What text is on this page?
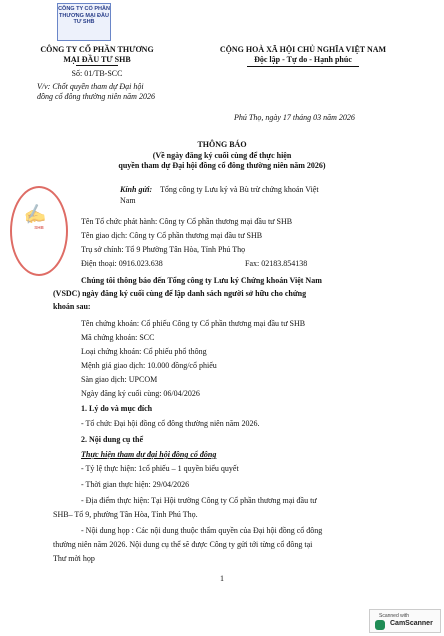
CÔNG TY CỔ PHẦN THƯƠNG MẠI ĐẦU TƯ SHB
SHB
✍
CÔNG TY CỔ PHẦN THƯƠNG
MẠI ĐẦU TƯ SHB
Số: 01/TB-SCC
V/v: Chốt quyền tham dự Đại hội
đồng cổ đông thường niên năm 2026
CỘNG HOÀ XÃ HỘI CHỦ NGHĨA VIỆT NAM
Độc lập - Tự do - Hạnh phúc
Phú Thọ, ngày 17 tháng 03 năm 2026
THÔNG BÁO
(Về ngày đăng ký cuối cùng để thực hiện
quyền tham dự Đại hội đồng cổ đông thường niên năm 2026)
Kính gửi: Tổng công ty Lưu ký và Bù trừ chứng khoán Việt
Nam
Tên Tổ chức phát hành: Công ty Cổ phần thương mại đầu tư SHB
Tên giao dịch: Công ty Cổ phần thương mại đầu tư SHB
Trụ sở chính: Tổ 9 Phường Tân Hòa, Tỉnh Phú Thọ
Điện thoại: 0916.023.638	Fax: 02183.854138
Chúng tôi thông báo đến Tổng công ty Lưu ký Chứng khoán Việt Nam
(VSDC) ngày đăng ký cuối cùng để lập danh sách người sở hữu cho chứng
khoán sau:
Tên chứng khoán: Cổ phiếu Công ty Cổ phần thương mại đầu tư SHB
Mã chứng khoán: SCC
Loại chứng khoán: Cổ phiếu phổ thông
Mệnh giá giao dịch: 10.000 đồng/cổ phiếu
Sàn giao dịch: UPCOM
Ngày đăng ký cuối cùng: 06/04/2026
1. Lý do và mục đích
- Tổ chức Đại hội đồng cổ đông thường niên năm 2026.
2. Nội dung cụ thể
Thực hiện tham dự đại hội đồng cổ đông
- Tỷ lệ thực hiện: 1cổ phiếu – 1 quyền biểu quyết
- Thời gian thực hiện: 29/04/2026
- Địa điểm thực hiện: Tại Hội trường Công ty Cổ phần thương mại đầu tư
SHB– Tổ 9, phường Tân Hòa, Tỉnh Phú Thọ.
- Nội dung họp : Các nội dung thuộc thẩm quyền của Đại hội đồng cổ đông
thường niên năm 2026. Nội dung cụ thể sẽ được Công ty gửi tới từng cổ đông tại
Thư mời họp
1
Scanned with
CamScanner
